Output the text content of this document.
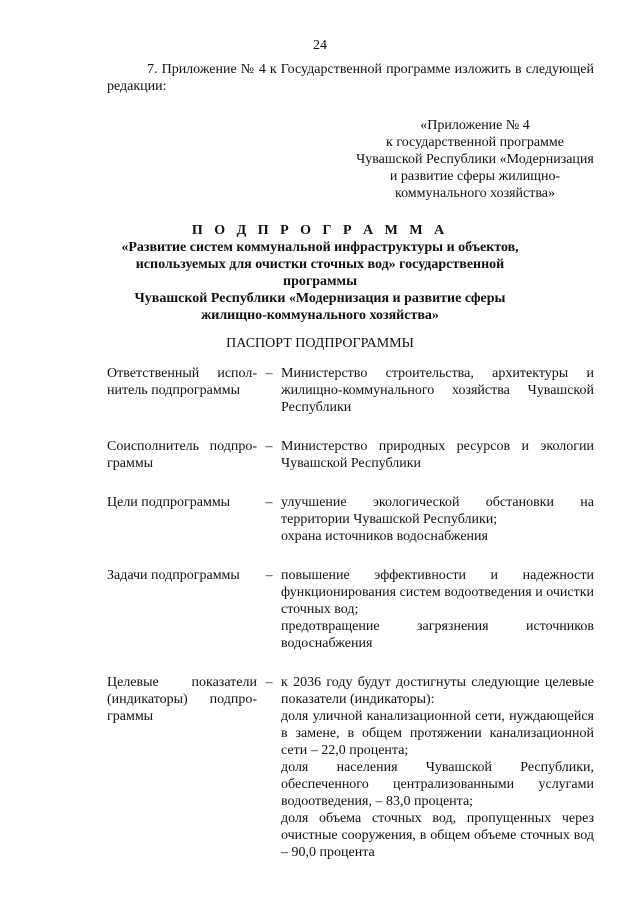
24
7. Приложение № 4 к Государственной программе изложить в следующей
редакции:
«Приложение № 4
к государственной программе
Чувашской Республики «Модернизация
и развитие сферы жилищно-
коммунального хозяйства»
П О Д П Р О Г Р А М М А
«Развитие систем коммунальной инфраструктуры и объектов,
используемых для очистки сточных вод» государственной программы
Чувашской Республики «Модернизация и развитие сферы
жилищно-коммунального хозяйства»
ПАСПОРТ ПОДПРОГРАММЫ
Ответственный испол-
нитель подпрограммы
– Министерство строительства, архитектуры и жилищно-коммунального хозяйства Чувашской Республики
Соисполнитель подпро-
граммы
– Министерство природных ресурсов и экологии Чувашской Республики
Цели подпрограммы	– улучшение экологической обстановки на территории Чувашской Республики;
охрана источников водоснабжения
Задачи подпрограммы	– повышение эффективности и надежности функционирования систем водоотведения и очистки сточных вод;
предотвращение загрязнения источников водоснабжения
Целевые показатели
(индикаторы) подпро-
граммы
– к 2036 году будут достигнуты следующие целевые показатели (индикаторы):
доля уличной канализационной сети, нуждающейся в замене, в общем протяжении канализационной сети – 22,0 процента;
доля населения Чувашской Республики, обеспеченного централизованными услугами водоотведения, – 83,0 процента;
доля объема сточных вод, пропущенных через очистные сооружения, в общем объеме сточных вод – 90,0 процента
